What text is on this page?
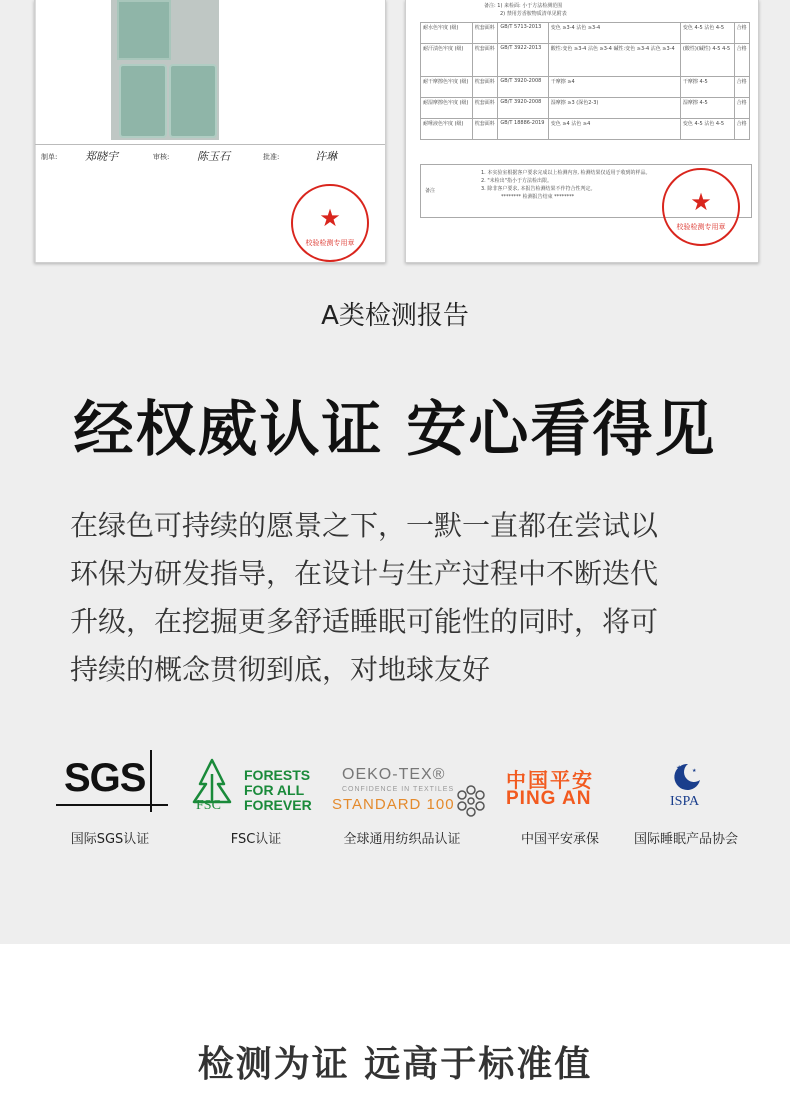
制单:	郑晓宇	审核:	陈玉石	批准:	许琳
★
校验检测专用章
备注: 1) 来检面: 小于方法检测范围
2) 禁用芳香胺物质清单见附表
耐水色牢度 (级)	枕套面料	GB/T 5713-2013	变色 ≥3-4 沾色 ≥3-4	变色 4-5 沾色 4-5	合格
耐汗渍色牢度 (级)	枕套面料	GB/T 3922-2013	酸性:变色 ≥3-4 沾色 ≥3-4 碱性:变色 ≥3-4 沾色 ≥3-4	(酸性)(碱性) 4-5 4-5	合格
耐干摩擦色牢度 (级)	枕套面料	GB/T 3920-2008	干摩擦 ≥4	干摩擦 4-5	合格
耐湿摩擦色牢度 (级)	枕套面料	GB/T 3920-2008	湿摩擦 ≥3 (深色2-3)	湿摩擦 4-5	合格
耐唾液色牢度 (级)	枕套面料	GB/T 18886-2019	变色 ≥4 沾色 ≥4	变色 4-5 沾色 4-5	合格
备注
1. 本实验室根据客户要求完成以上检测内容, 检测结果仅适用于收到的样品。
2. "未检出"指小于方法检出限。
3. 除非客户要求, 本报告检测结果不作符合性判定。
******** 检测报告结束 ********	★
校验检测专用章
A类检测报告
经权威认证 安心看得见
在绿色可持续的愿景之下，一默一直都在尝试以
环保为研发指导，在设计与生产过程中不断迭代
升级，在挖掘更多舒适睡眠可能性的同时，将可
持续的概念贯彻到底，对地球友好
SGS
国际SGS认证
FSC
FORESTS
FOR ALL
FOREVER
FSC认证
OEKO-TEX®
CONFIDENCE IN TEXTILES
STANDARD 100
全球通用纺织品认证
中国平安
PING AN
中国平安承保
★ ★
ISPA
国际睡眠产品协会
检测为证 远高于标准值
